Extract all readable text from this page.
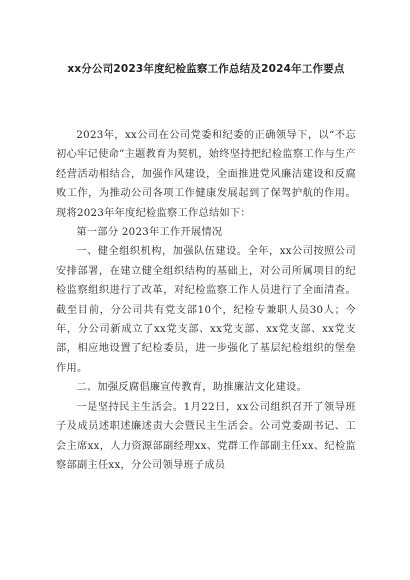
xx分公司2023年度纪检监察工作总结及2024年工作要点

2023年，xx公司在公司党委和纪委的正确领导下，以“不忘初心牢记使命”主题教育为契机，始终坚持把纪检监察工作与生产经营活动相结合，加强作风建设，全面推进党风廉洁建设和反腐败工作，为推动公司各项工作健康发展起到了保驾护航的作用。现将2023年年度纪检监察工作总结如下：

第一部分 2023年工作开展情况

一、健全组织机构，加强队伍建设。全年，xx公司按照公司安排部署，在建立健全组织结构的基础上，对公司所属项目的纪检监察组织进行了改革，对纪检监察工作人员进行了全面清查。截至目前，分公司共有党支部10个，纪检专兼职人员30人；今年，分公司新成立了xx党支部、xx党支部、xx党支部、xx党支部，相应地设置了纪检委员，进一步强化了基层纪检组织的堡垒作用。

二、加强反腐倡廉宣传教育，助推廉洁文化建设。

一是坚持民主生活会。1月22日，xx公司组织召开了领导班子及成员述职述廉述责大会暨民主生活会。公司党委副书记、工会主席xx，人力资源部副经理xx、党群工作部副主任xx、纪检监察部副主任xx，分公司领导班子成员
